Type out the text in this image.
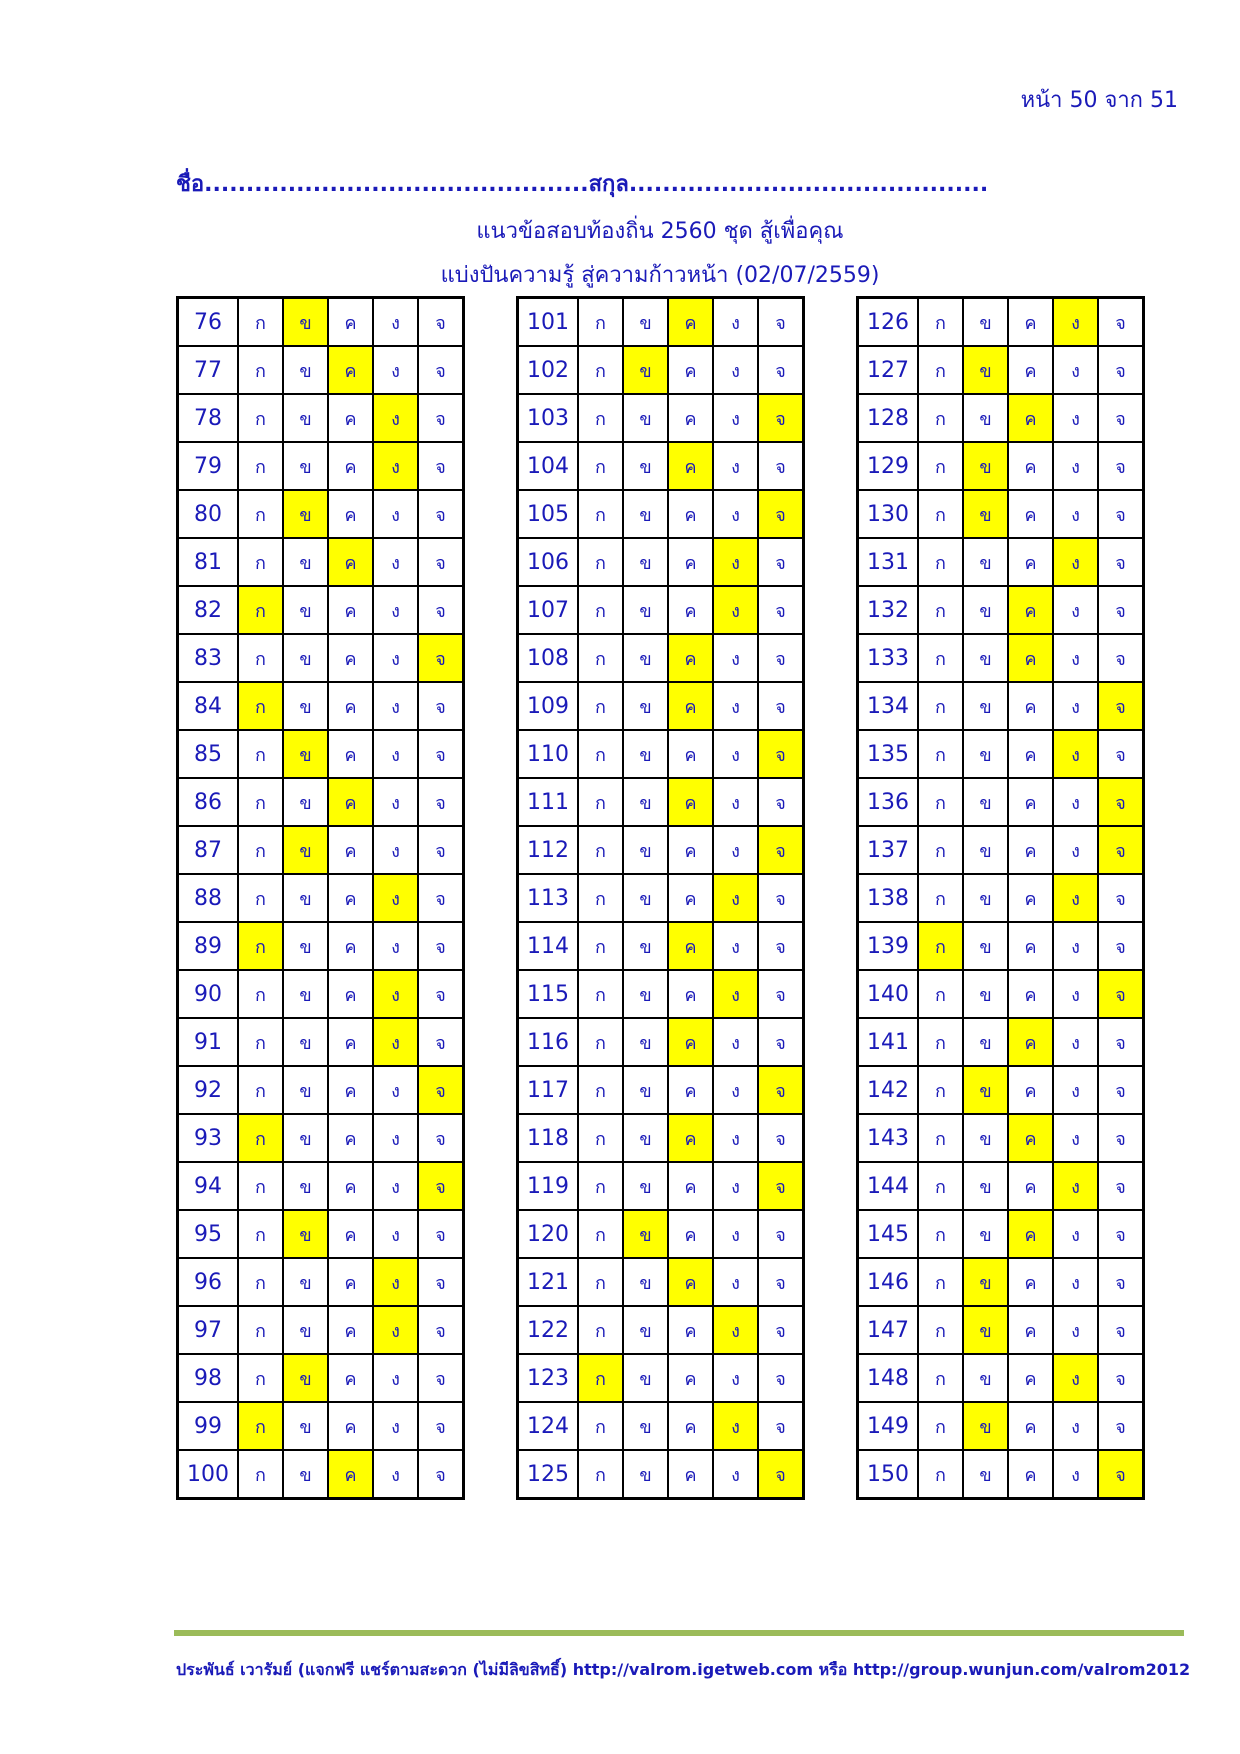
หน้า 50 จาก 51
ชื่อ..............................................สกุล...........................................
แนวข้อสอบท้องถิ่น 2560 ชุด สู้เพื่อคุณ
แบ่งปันความรู้ สู่ความก้าวหน้า (02/07/2559)
76	ก	ข	ค	ง	จ
77	ก	ข	ค	ง	จ
78	ก	ข	ค	ง	จ
79	ก	ข	ค	ง	จ
80	ก	ข	ค	ง	จ
81	ก	ข	ค	ง	จ
82	ก	ข	ค	ง	จ
83	ก	ข	ค	ง	จ
84	ก	ข	ค	ง	จ
85	ก	ข	ค	ง	จ
86	ก	ข	ค	ง	จ
87	ก	ข	ค	ง	จ
88	ก	ข	ค	ง	จ
89	ก	ข	ค	ง	จ
90	ก	ข	ค	ง	จ
91	ก	ข	ค	ง	จ
92	ก	ข	ค	ง	จ
93	ก	ข	ค	ง	จ
94	ก	ข	ค	ง	จ
95	ก	ข	ค	ง	จ
96	ก	ข	ค	ง	จ
97	ก	ข	ค	ง	จ
98	ก	ข	ค	ง	จ
99	ก	ข	ค	ง	จ
100	ก	ข	ค	ง	จ
101	ก	ข	ค	ง	จ
102	ก	ข	ค	ง	จ
103	ก	ข	ค	ง	จ
104	ก	ข	ค	ง	จ
105	ก	ข	ค	ง	จ
106	ก	ข	ค	ง	จ
107	ก	ข	ค	ง	จ
108	ก	ข	ค	ง	จ
109	ก	ข	ค	ง	จ
110	ก	ข	ค	ง	จ
111	ก	ข	ค	ง	จ
112	ก	ข	ค	ง	จ
113	ก	ข	ค	ง	จ
114	ก	ข	ค	ง	จ
115	ก	ข	ค	ง	จ
116	ก	ข	ค	ง	จ
117	ก	ข	ค	ง	จ
118	ก	ข	ค	ง	จ
119	ก	ข	ค	ง	จ
120	ก	ข	ค	ง	จ
121	ก	ข	ค	ง	จ
122	ก	ข	ค	ง	จ
123	ก	ข	ค	ง	จ
124	ก	ข	ค	ง	จ
125	ก	ข	ค	ง	จ
126	ก	ข	ค	ง	จ
127	ก	ข	ค	ง	จ
128	ก	ข	ค	ง	จ
129	ก	ข	ค	ง	จ
130	ก	ข	ค	ง	จ
131	ก	ข	ค	ง	จ
132	ก	ข	ค	ง	จ
133	ก	ข	ค	ง	จ
134	ก	ข	ค	ง	จ
135	ก	ข	ค	ง	จ
136	ก	ข	ค	ง	จ
137	ก	ข	ค	ง	จ
138	ก	ข	ค	ง	จ
139	ก	ข	ค	ง	จ
140	ก	ข	ค	ง	จ
141	ก	ข	ค	ง	จ
142	ก	ข	ค	ง	จ
143	ก	ข	ค	ง	จ
144	ก	ข	ค	ง	จ
145	ก	ข	ค	ง	จ
146	ก	ข	ค	ง	จ
147	ก	ข	ค	ง	จ
148	ก	ข	ค	ง	จ
149	ก	ข	ค	ง	จ
150	ก	ข	ค	ง	จ
ประพันธ์ เวารัมย์ (แจกฟรี แชร์ตามสะดวก (ไม่มีลิขสิทธิ์) http://valrom.igetweb.com หรือ http://group.wunjun.com/valrom2012
